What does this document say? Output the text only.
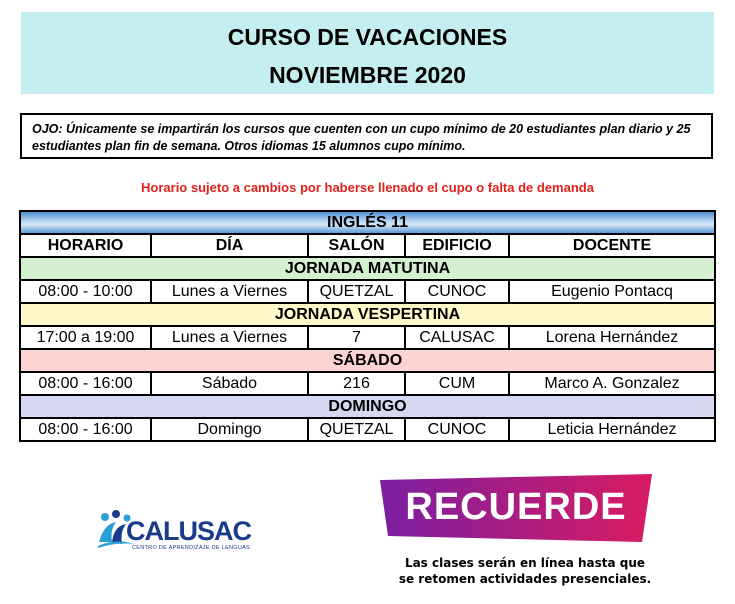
CURSO DE VACACIONES
NOVIEMBRE 2020

OJO: Únicamente se impartirán los cursos que cuenten con un cupo mínimo de 20 estudiantes plan diario y 25 estudiantes plan fin de semana. Otros idiomas 15 alumnos cupo mínimo.

Horario sujeto a cambios por haberse llenado el cupo o falta de demanda
INGLÉS 11				
HORARIO	DÍA	SALÓN	EDIFICIO	DOCENTE
JORNADA MATUTINA				
08:00 - 10:00	Lunes a Viernes	QUETZAL	CUNOC	Eugenio Pontacq
JORNADA VESPERTINA				
17:00 a 19:00	Lunes a Viernes	7	CALUSAC	Lorena Hernández
SÁBADO				
08:00 - 16:00	Sábado	216	CUM	Marco A. Gonzalez
DOMINGO				
08:00 - 16:00	Domingo	QUETZAL	CUNOC	Leticia Hernández
CALUSAC
CENTRO DE APRENDIZAJE DE LENGUAS
RECUERDE
Las clases serán en línea hasta que
se retomen actividades presenciales.
